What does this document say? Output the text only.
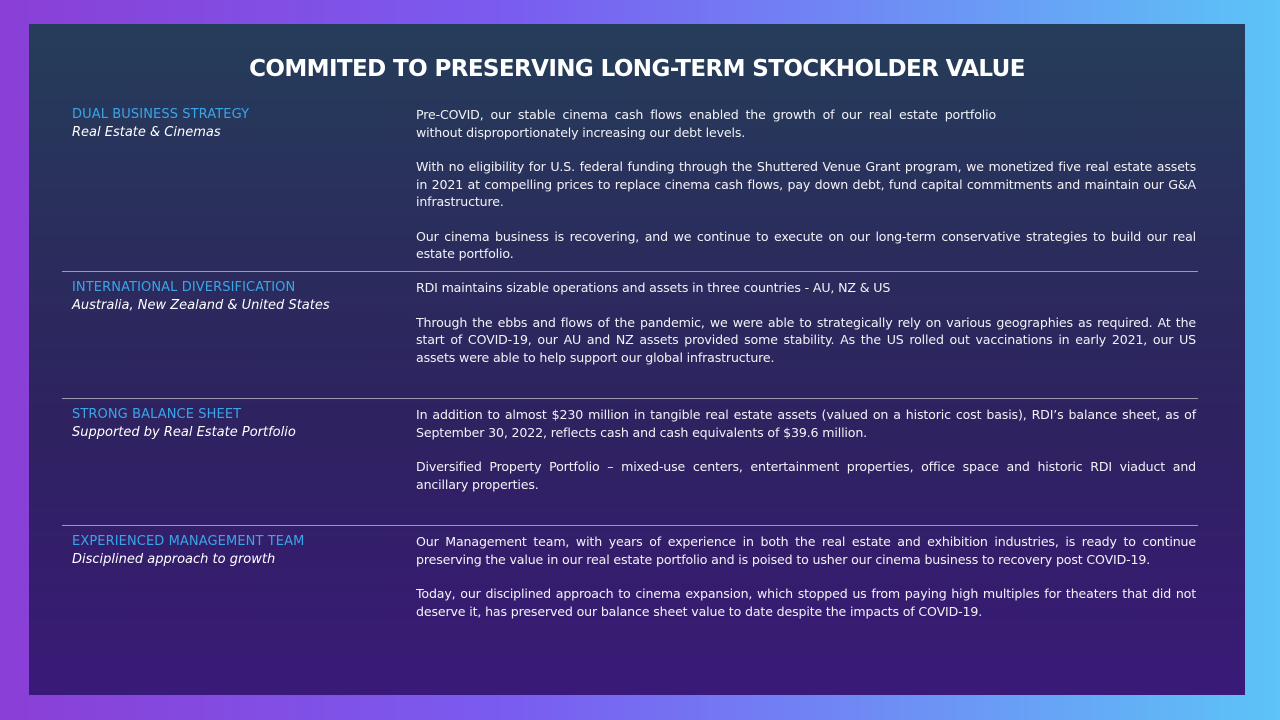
COMMITED TO PRESERVING LONG-TERM STOCKHOLDER VALUE
DUAL BUSINESS STRATEGY
Real Estate & Cinemas

Pre-COVID, our stable cinema cash flows enabled the growth of our real estate portfolio without disproportionately increasing our debt levels.

With no eligibility for U.S. federal funding through the Shuttered Venue Grant program, we monetized five real estate assets in 2021 at compelling prices to replace cinema cash flows, pay down debt, fund capital commitments and maintain our G&A infrastructure.

Our cinema business is recovering, and we continue to execute on our long-term conservative strategies to build our real estate portfolio.

INTERNATIONAL DIVERSIFICATION
Australia, New Zealand & United States

RDI maintains sizable operations and assets in three countries - AU, NZ & US

Through the ebbs and flows of the pandemic, we were able to strategically rely on various geographies as required. At the start of COVID-19, our AU and NZ assets provided some stability. As the US rolled out vaccinations in early 2021, our US assets were able to help support our global infrastructure.

STRONG BALANCE SHEET
Supported by Real Estate Portfolio

In addition to almost $230 million in tangible real estate assets (valued on a historic cost basis), RDI’s balance sheet, as of September 30, 2022, reflects cash and cash equivalents of $39.6 million.

Diversified Property Portfolio – mixed-use centers, entertainment properties, office space and historic RDI viaduct and ancillary properties.

EXPERIENCED MANAGEMENT TEAM
Disciplined approach to growth

Our Management team, with years of experience in both the real estate and exhibition industries, is ready to continue preserving the value in our real estate portfolio and is poised to usher our cinema business to recovery post COVID-19.

Today, our disciplined approach to cinema expansion, which stopped us from paying high multiples for theaters that did not deserve it, has preserved our balance sheet value to date despite the impacts of COVID-19.
